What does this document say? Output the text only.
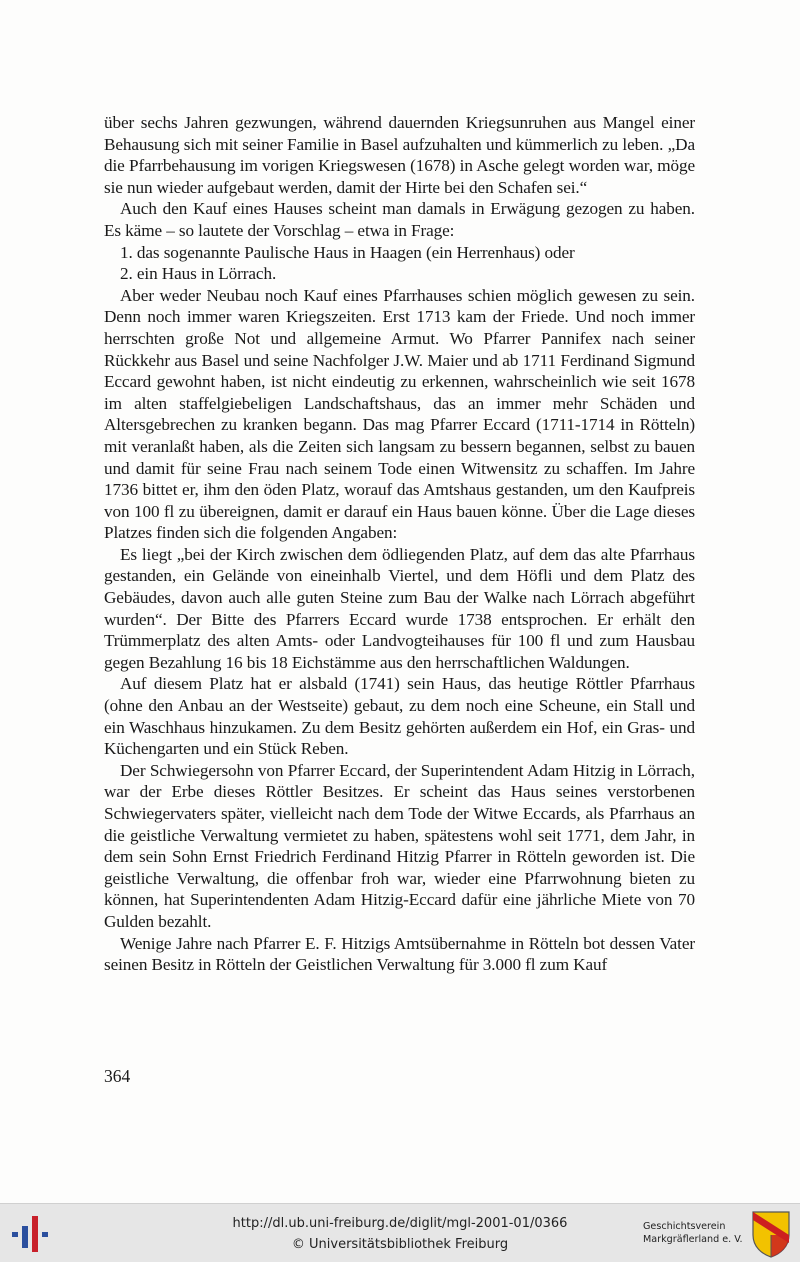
über sechs Jahren gezwungen, während dauernden Kriegsunruhen aus Mangel einer Behausung sich mit seiner Familie in Basel aufzuhalten und kümmerlich zu leben. „Da die Pfarrbehausung im vorigen Kriegswesen (1678) in Asche gelegt worden war, möge sie nun wieder aufgebaut werden, damit der Hirte bei den Schafen sei.“

Auch den Kauf eines Hauses scheint man damals in Erwägung gezogen zu haben. Es käme – so lautete der Vorschlag – etwa in Frage:

1. das sogenannte Paulische Haus in Haagen (ein Herrenhaus) oder

2. ein Haus in Lörrach.

Aber weder Neubau noch Kauf eines Pfarrhauses schien möglich gewesen zu sein. Denn noch immer waren Kriegszeiten. Erst 1713 kam der Friede. Und noch immer herrschten große Not und allgemeine Armut. Wo Pfarrer Pannifex nach seiner Rückkehr aus Basel und seine Nachfolger J.W. Maier und ab 1711 Ferdinand Sigmund Eccard gewohnt haben, ist nicht eindeutig zu erkennen, wahrscheinlich wie seit 1678 im alten staffelgiebeligen Landschaftshaus, das an immer mehr Schäden und Altersgebrechen zu kranken begann. Das mag Pfarrer Eccard (1711-1714 in Rötteln) mit veranlaßt haben, als die Zeiten sich langsam zu bessern begannen, selbst zu bauen und damit für seine Frau nach seinem Tode einen Witwensitz zu schaffen. Im Jahre 1736 bittet er, ihm den öden Platz, worauf das Amtshaus gestanden, um den Kaufpreis von 100 fl zu übereignen, damit er darauf ein Haus bauen könne. Über die Lage dieses Platzes finden sich die folgenden Angaben:

Es liegt „bei der Kirch zwischen dem ödliegenden Platz, auf dem das alte Pfarrhaus gestanden, ein Gelände von eineinhalb Viertel, und dem Höfli und dem Platz des Gebäudes, davon auch alle guten Steine zum Bau der Walke nach Lörrach abgeführt wurden“. Der Bitte des Pfarrers Eccard wurde 1738 entsprochen. Er erhält den Trümmerplatz des alten Amts- oder Landvogteihauses für 100 fl und zum Hausbau gegen Bezahlung 16 bis 18 Eichstämme aus den herrschaftlichen Waldungen.

Auf diesem Platz hat er alsbald (1741) sein Haus, das heutige Röttler Pfarrhaus (ohne den Anbau an der Westseite) gebaut, zu dem noch eine Scheune, ein Stall und ein Waschhaus hinzukamen. Zu dem Besitz gehörten außerdem ein Hof, ein Gras- und Küchengarten und ein Stück Reben.

Der Schwiegersohn von Pfarrer Eccard, der Superintendent Adam Hitzig in Lörrach, war der Erbe dieses Röttler Besitzes. Er scheint das Haus seines verstorbenen Schwiegervaters später, vielleicht nach dem Tode der Witwe Eccards, als Pfarrhaus an die geistliche Verwaltung vermietet zu haben, spätestens wohl seit 1771, dem Jahr, in dem sein Sohn Ernst Friedrich Ferdinand Hitzig Pfarrer in Rötteln geworden ist. Die geistliche Verwaltung, die offenbar froh war, wieder eine Pfarrwohnung bieten zu können, hat Superintendenten Adam Hitzig-Eccard dafür eine jährliche Miete von 70 Gulden bezahlt.

Wenige Jahre nach Pfarrer E. F. Hitzigs Amtsübernahme in Rötteln bot dessen Vater seinen Besitz in Rötteln der Geistlichen Verwaltung für 3.000 fl zum Kauf

364
http://dl.ub.uni-freiburg.de/diglit/mgl-2001-01/0366
© Universitätsbibliothek Freiburg
Geschichtsverein
Markgräflerland e. V.
